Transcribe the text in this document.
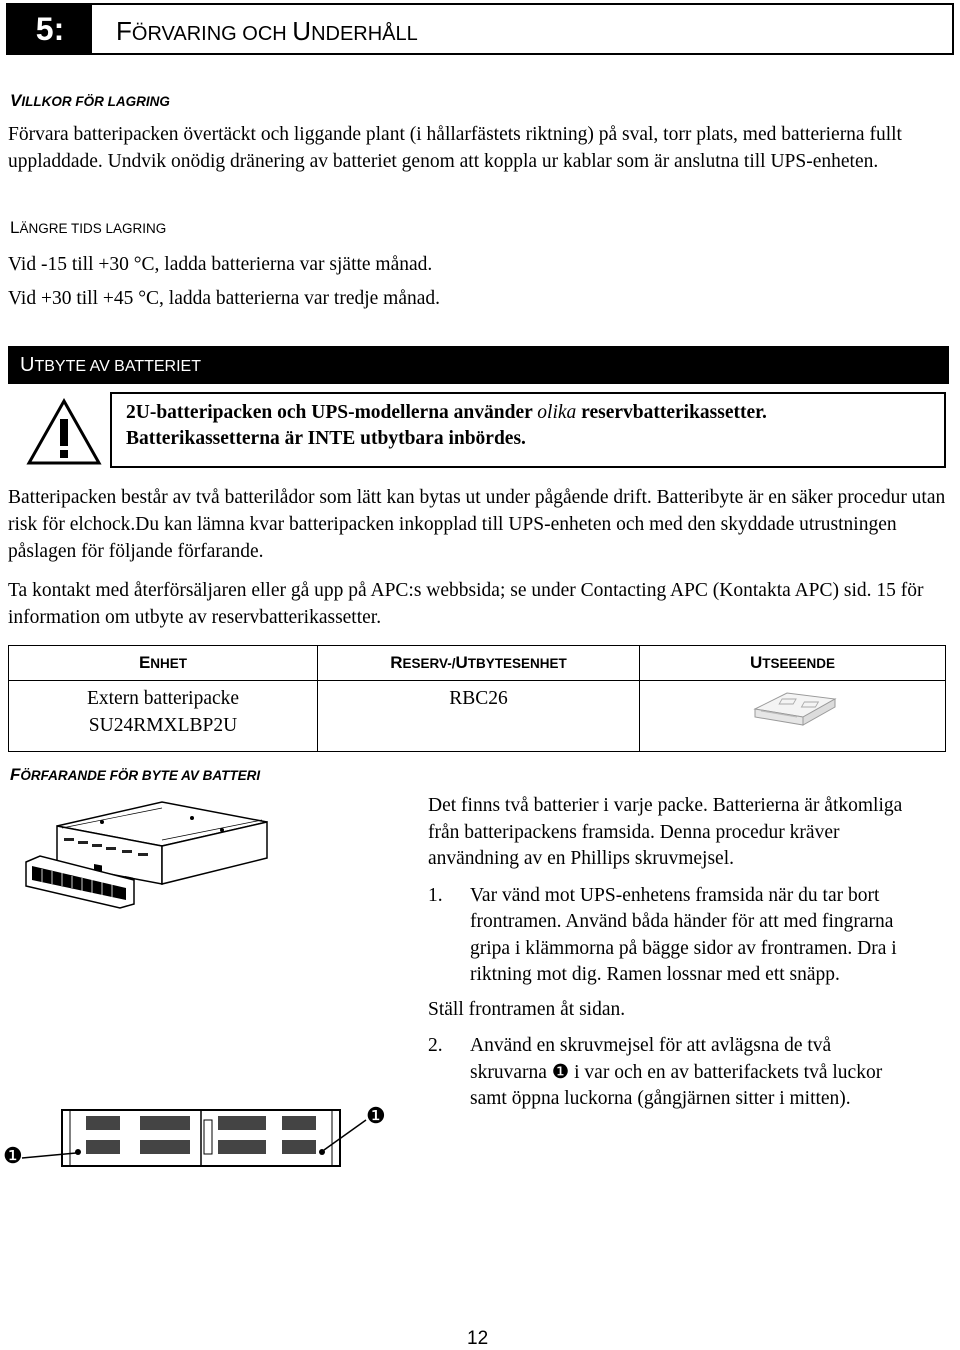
5:	FÖRVARING OCH UNDERHÅLL
VILLKOR FÖR LAGRING
Förvara batteripacken övertäckt och liggande plant (i hållarfästets riktning) på sval, torr plats, med batterierna fullt uppladdade. Undvik onödig dränering av batteriet genom att koppla ur kablar som är anslutna till UPS-enheten.
LÄNGRE TIDS LAGRING
Vid -15 till +30 °C, ladda batterierna var sjätte månad.
Vid +30 till +45 °C, ladda batterierna var tredje månad.
UTBYTE AV BATTERIET
2U-batteripacken och UPS-modellerna använder olika reservbatterikassetter.
Batterikassetterna är INTE utbytbara inbördes.
Batteripacken består av två batterilådor som lätt kan bytas ut under pågående drift. Batteribyte är en säker procedur utan risk för elchock.Du kan lämna kvar batteripacken inkopplad till UPS-enheten och med den skyddade utrustningen påslagen för följande förfarande.
Ta kontakt med återförsäljaren eller gå upp på APC:s webbsida; se under Contacting APC (Kontakta APC) sid. 15 för information om utbyte av reservbatterikassetter.
ENHET	RESERV-/UTBYTESENHET	UTSEEENDE

Extern batteripacke
SU24RMXLBP2U	RBC26	
FÖRFARANDE FÖR BYTE AV BATTERI
❶
❶
Det finns två batterier i varje packe. Batterierna är åtkomliga från batteripackens framsida. Denna procedur kräver användning av en Phillips skruvmejsel.
1. Var vänd mot UPS-enhetens framsida när du tar bort frontramen. Använd båda händer för att med fingrarna gripa i klämmorna på bägge sidor av frontramen. Dra i riktning mot dig. Ramen lossnar med ett snäpp.
Ställ frontramen åt sidan.
2. Använd en skruvmejsel för att avlägsna de två skruvarna ❶ i var och en av batterifackets två luckor samt öppna luckorna (gångjärnen sitter i mitten).
12
